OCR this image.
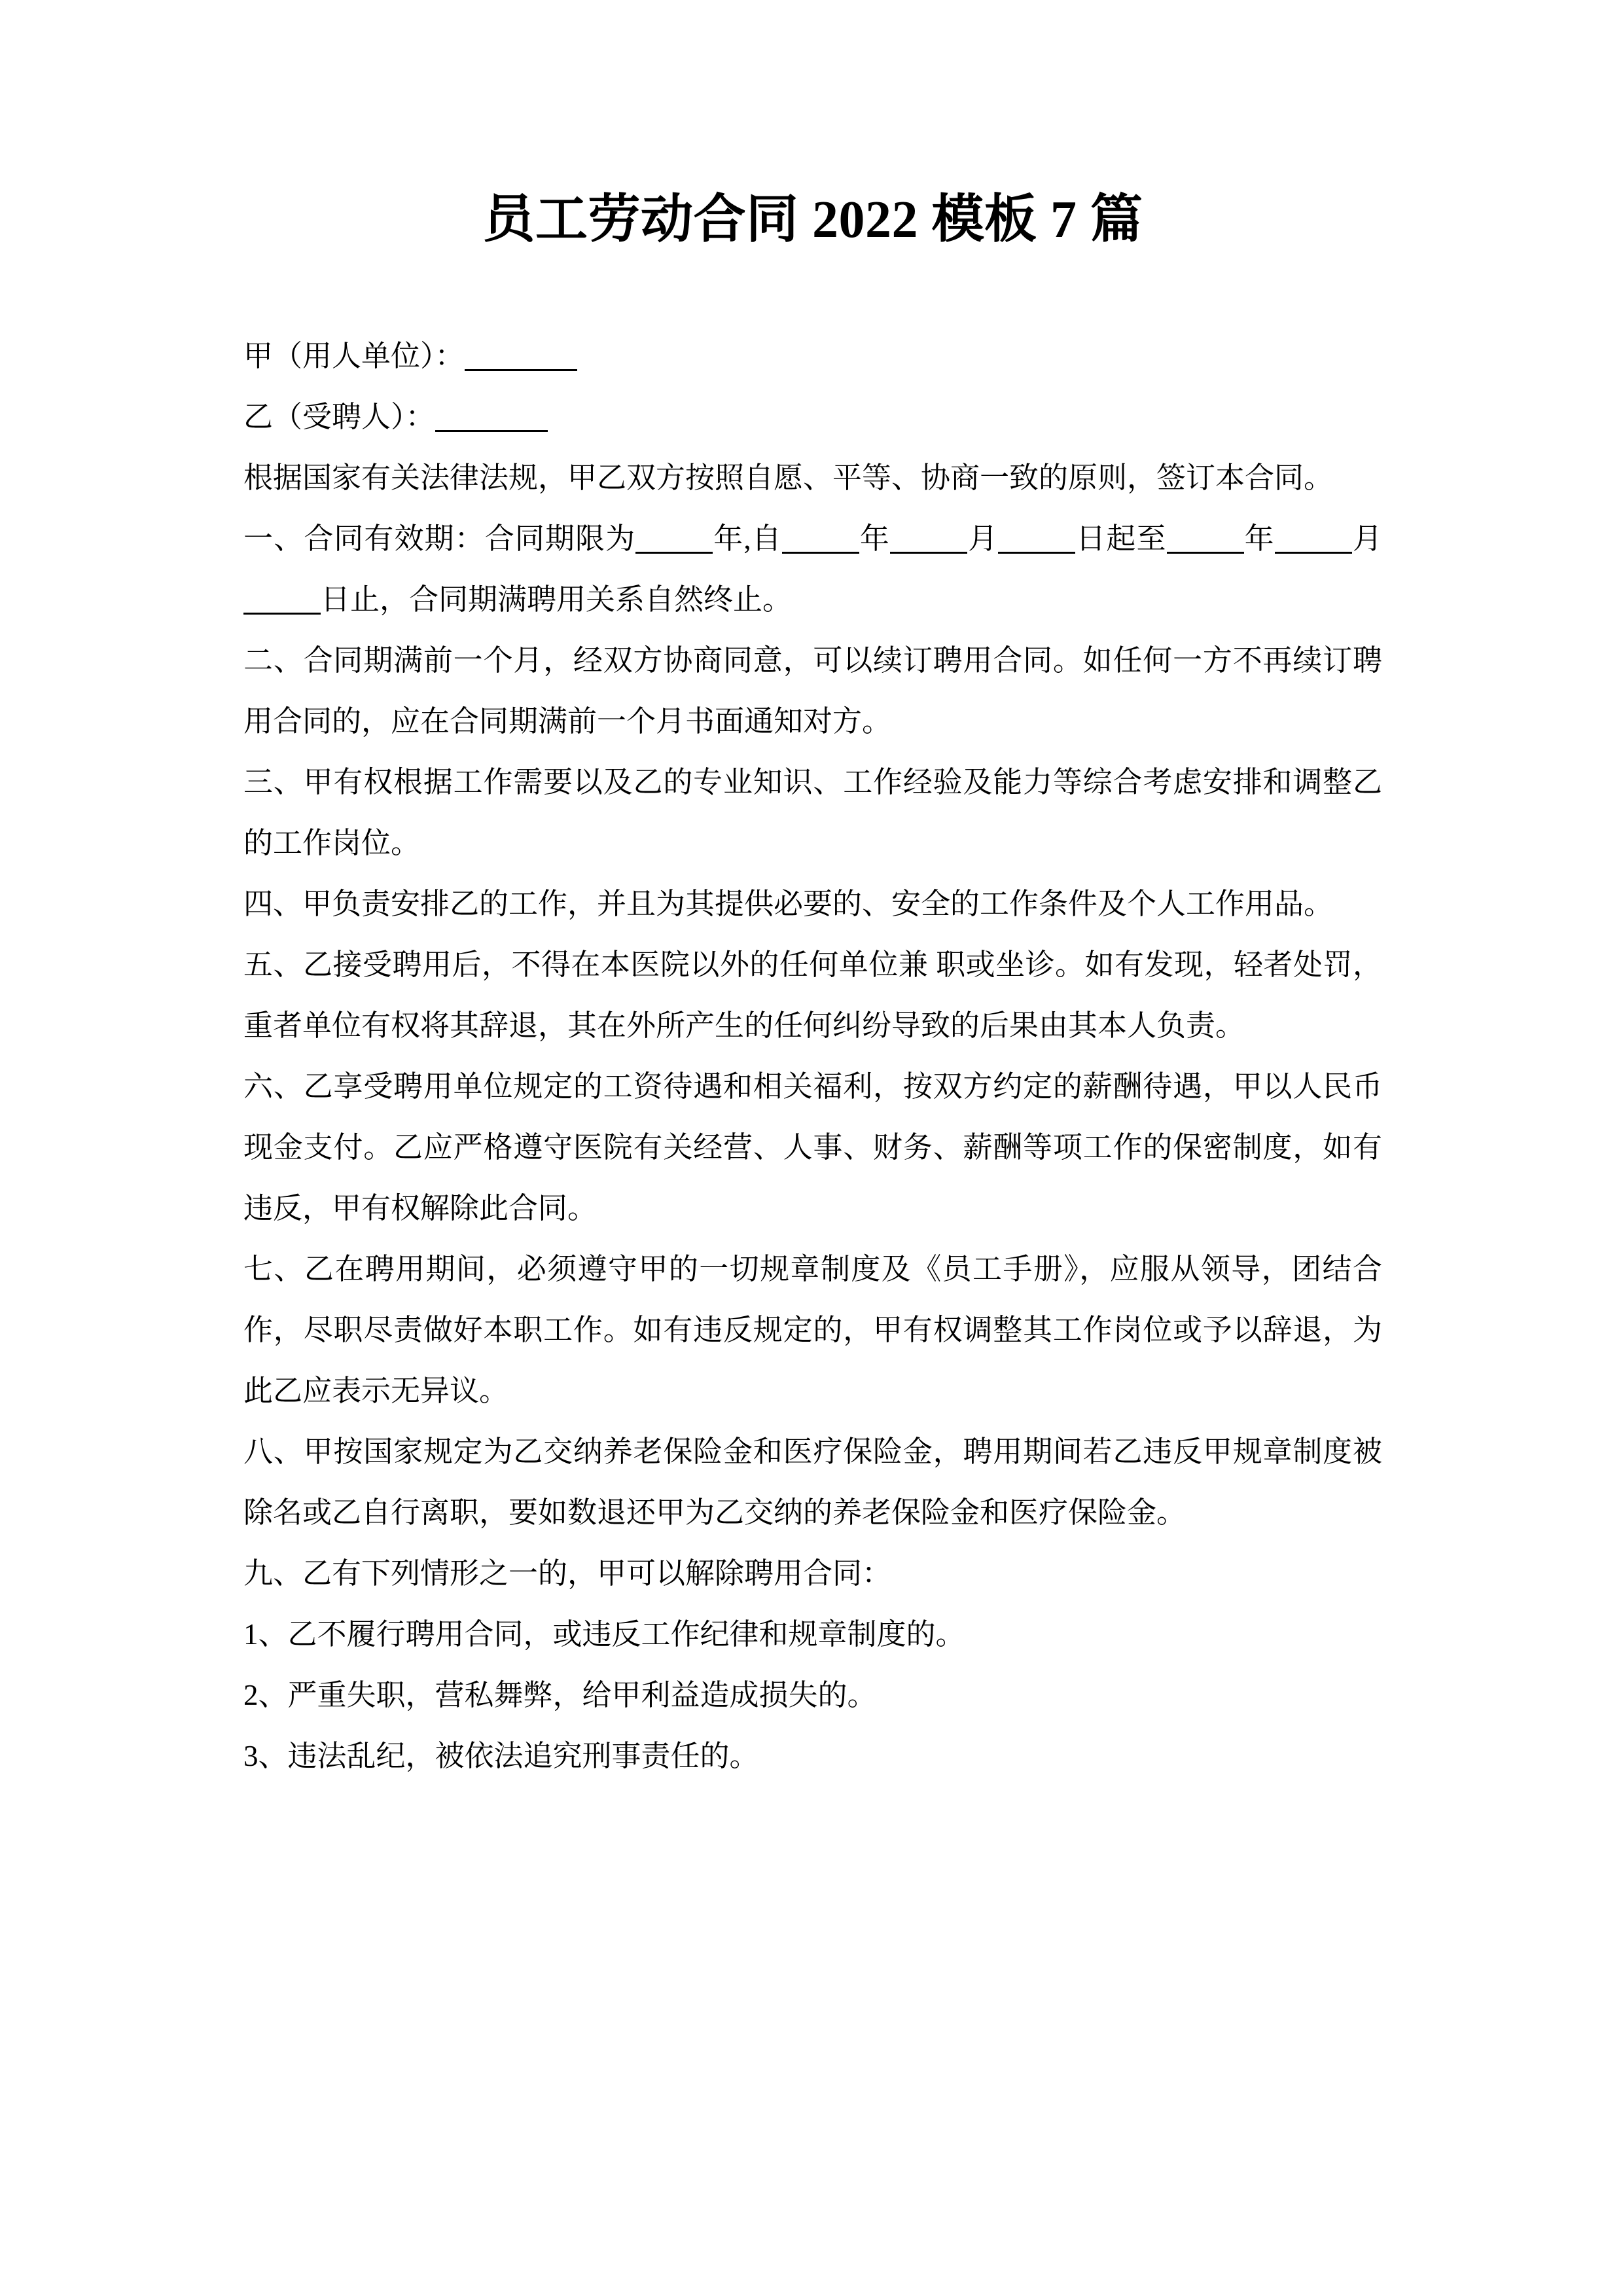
员工劳动合同 2022 模板 7 篇

甲（用人单位）：

乙（受聘人）：

根据国家有关法律法规，甲乙双方按照自愿、平等、协商一致的原则，签订本合同。

一、合同有效期：合同期限为	年,自	年	月	日起至	年	月日止，合同期满聘用关系自然终止。

二、合同期满前一个月，经双方协商同意，可以续订聘用合同。如任何一方不再续订聘用合同的，应在合同期满前一个月书面通知对方。

三、甲有权根据工作需要以及乙的专业知识、工作经验及能力等综合考虑安排和调整乙的工作岗位。

四、甲负责安排乙的工作，并且为其提供必要的、安全的工作条件及个人工作用品。

五、乙接受聘用后，不得在本医院以外的任何单位兼 职或坐诊。如有发现，轻者处罚，重者单位有权将其辞退，其在外所产生的任何纠纷导致的后果由其本人负责。

六、乙享受聘用单位规定的工资待遇和相关福利，按双方约定的薪酬待遇，甲以人民币现金支付。乙应严格遵守医院有关经营、人事、财务、薪酬等项工作的保密制度，如有违反，甲有权解除此合同。

七、乙在聘用期间，必须遵守甲的一切规章制度及《员工手册》，应服从领导，团结合作，尽职尽责做好本职工作。如有违反规定的，甲有权调整其工作岗位或予以辞退，为此乙应表示无异议。

八、甲按国家规定为乙交纳养老保险金和医疗保险金，聘用期间若乙违反甲规章制度被除名或乙自行离职，要如数退还甲为乙交纳的养老保险金和医疗保险金。

九、乙有下列情形之一的，甲可以解除聘用合同：

1、乙不履行聘用合同，或违反工作纪律和规章制度的。

2、严重失职，营私舞弊，给甲利益造成损失的。

3、违法乱纪，被依法追究刑事责任的。
